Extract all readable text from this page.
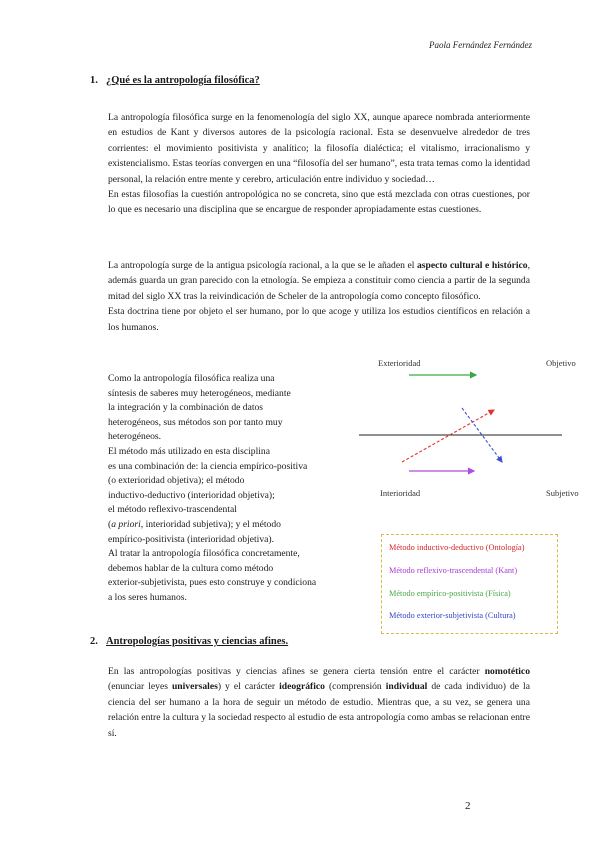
Paola Fernández Fernández
1. ¿Qué es la antropología filosófica?
La antropología filosófica surge en la fenomenología del siglo XX, aunque aparece nombrada anteriormente en estudios de Kant y diversos autores de la psicología racional. Esta se desenvuelve alrededor de tres corrientes: el movimiento positivista y analítico; la filosofía dialéctica; el vitalismo, irracionalismo y existencialismo. Estas teorías convergen en una “filosofía del ser humano”, esta trata temas como la identidad personal, la relación entre mente y cerebro, articulación entre individuo y sociedad…
En estas filosofías la cuestión antropológica no se concreta, sino que está mezclada con otras cuestiones, por lo que es necesario una disciplina que se encargue de responder apropiadamente estas cuestiones.
La antropología surge de la antigua psicología racional, a la que se le añaden el aspecto cultural e histórico, además guarda un gran parecido con la etnología. Se empieza a constituir como ciencia a partir de la segunda mitad del siglo XX tras la reivindicación de Scheler de la antropología como concepto filosófico.
Esta doctrina tiene por objeto el ser humano, por lo que acoge y utiliza los estudios científicos en relación a los humanos.
Como la antropología filosófica realiza una
síntesis de saberes muy heterogéneos, mediante
la integración y la combinación de datos
heterogéneos, sus métodos son por tanto muy
heterogéneos.
El método más utilizado en esta disciplina
es una combinación de: la ciencia empírico-positiva
(o exterioridad objetiva); el método
inductivo-deductivo (interioridad objetiva);
el método reflexivo-trascendental
(a priori, interioridad subjetiva); y el método
empírico-positivista (interioridad objetiva).
Al tratar la antropología filosófica concretamente,
debemos hablar de la cultura como método
exterior-subjetivista, pues esto construye y condiciona
a los seres humanos.
Exterioridad	Objetivo
Interioridad	Subjetivo
Método inductivo-deductivo (Ontología)
Método reflexivo-trascendental (Kant)
Método empírico-positivista (Física)
Método exterior-subjetivista (Cultura)
2. Antropologías positivas y ciencias afines.
En las antropologías positivas y ciencias afines se genera cierta tensión entre el carácter nomotético (enunciar leyes universales) y el carácter ideográfico (comprensión individual de cada individuo) de la ciencia del ser humano a la hora de seguir un método de estudio. Mientras que, a su vez, se genera una relación entre la cultura y la sociedad respecto al estudio de esta antropología como ambas se relacionan entre sí.
2
